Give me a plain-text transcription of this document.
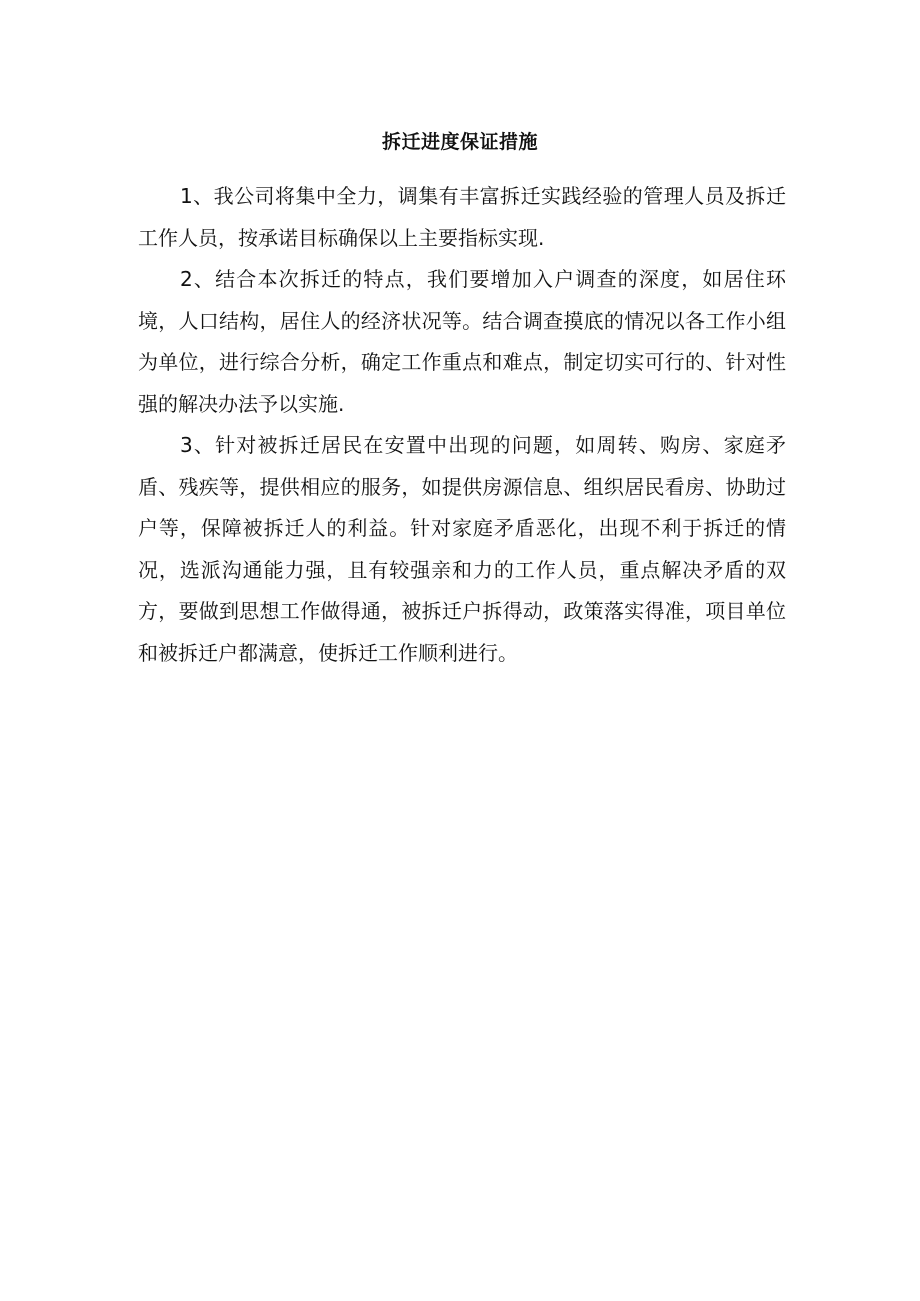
拆迁进度保证措施

1、我公司将集中全力，调集有丰富拆迁实践经验的管理人员及拆迁工作人员，按承诺目标确保以上主要指标实现.

2、结合本次拆迁的特点，我们要增加入户调查的深度，如居住环境，人口结构，居住人的经济状况等。结合调查摸底的情况以各工作小组为单位，进行综合分析，确定工作重点和难点，制定切实可行的、针对性强的解决办法予以实施.

3、针对被拆迁居民在安置中出现的问题，如周转、购房、家庭矛盾、残疾等，提供相应的服务，如提供房源信息、组织居民看房、协助过户等，保障被拆迁人的利益。针对家庭矛盾恶化，出现不利于拆迁的情况，选派沟通能力强，且有较强亲和力的工作人员，重点解决矛盾的双方，要做到思想工作做得通，被拆迁户拆得动，政策落实得准，项目单位和被拆迁户都满意，使拆迁工作顺利进行。
